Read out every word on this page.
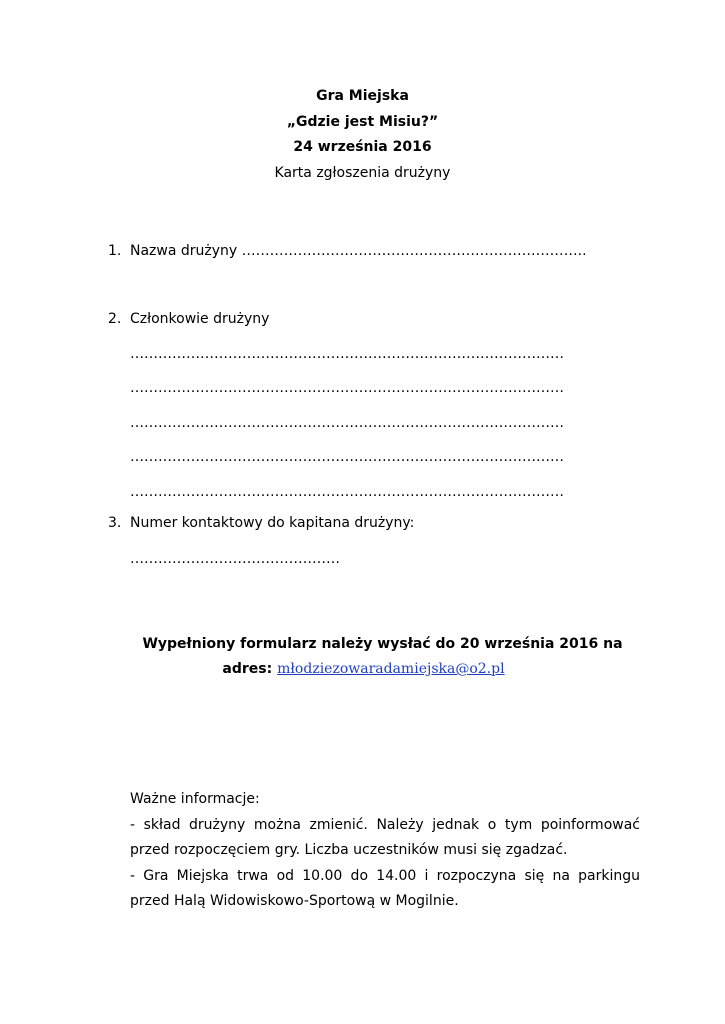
Gra Miejska
„Gdzie jest Misiu?”
24 września 2016
Karta zgłoszenia drużyny
1. Nazwa drużyny ………………………………………………………………..
2. Członkowie drużyny
…………………………………………………………………………………
…………………………………………………………………………………
…………………………………………………………………………………
…………………………………………………………………………………
…………………………………………………………………………………
3. Numer kontaktowy do kapitana drużyny:
………………………………………
Wypełniony formularz należy wysłać do 20 września 2016 na
adres: młodziezowaradamiejska@o2.pl
Ważne informacje:
- skład drużyny można zmienić. Należy jednak o tym poinformować
przed rozpoczęciem gry. Liczba uczestników musi się zgadzać.
- Gra Miejska trwa od 10.00 do 14.00 i rozpoczyna się na parkingu
przed Halą Widowiskowo-Sportową w Mogilnie.
